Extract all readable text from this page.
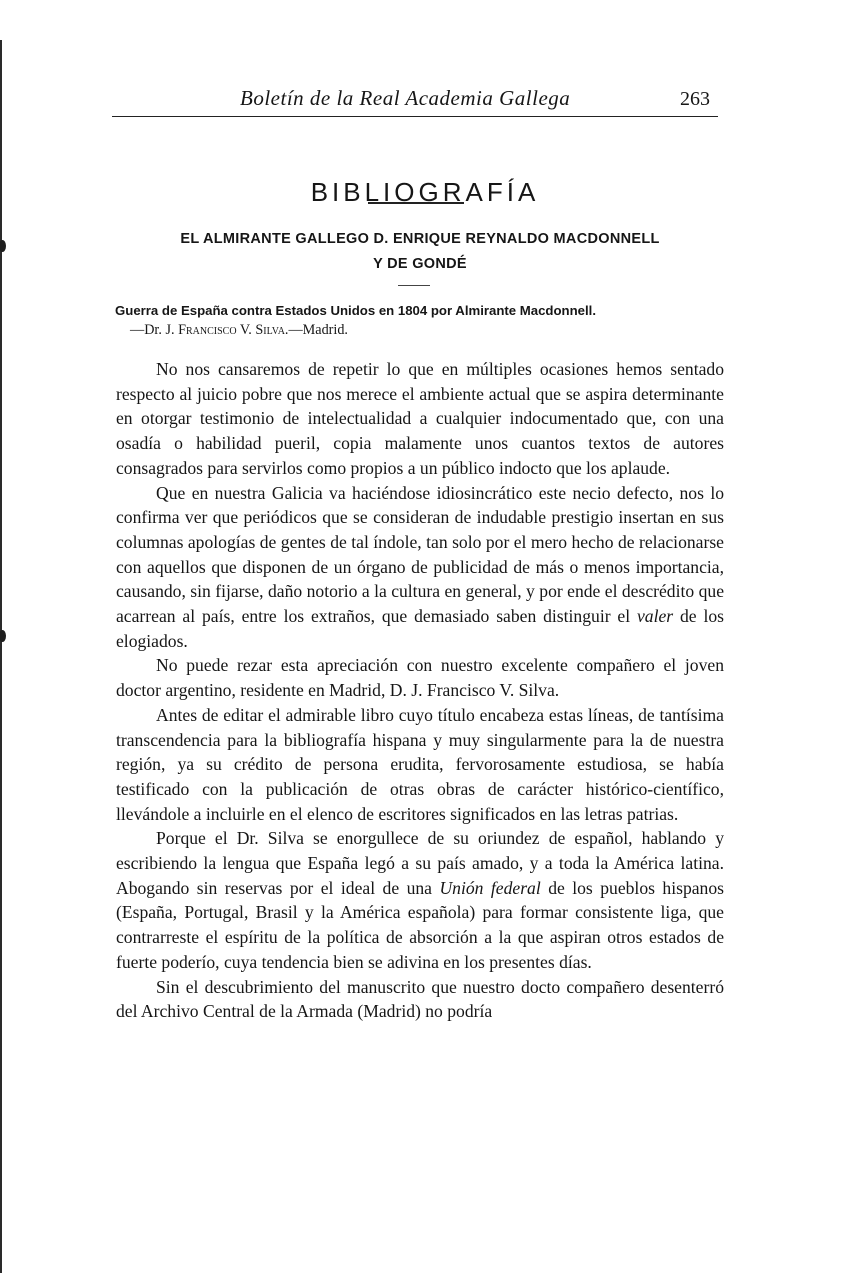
Boletín de la Real Academia Gallega	263
BIBLIOGRAFÍA
EL ALMIRANTE GALLEGO D. ENRIQUE REYNALDO MACDONNELL
Y DE GONDÉ
Guerra de España contra Estados Unidos en 1804 por Almirante Macdonnell.
—Dr. J. Francisco V. Silva.—Madrid.

No nos cansaremos de repetir lo que en múltiples ocasiones hemos sentado respecto al juicio pobre que nos merece el ambiente actual que se aspira determinante en otorgar testimonio de intelectualidad a cualquier indocumentado que, con una osadía o habilidad pueril, copia malamente unos cuantos textos de autores consagrados para servirlos como propios a un público indocto que los aplaude.

Que en nuestra Galicia va haciéndose idiosincrático este necio defecto, nos lo confirma ver que periódicos que se consideran de indudable prestigio insertan en sus columnas apologías de gentes de tal índole, tan solo por el mero hecho de relacionarse con aquellos que disponen de un órgano de publicidad de más o menos importancia, causando, sin fijarse, daño notorio a la cultura en general, y por ende el descrédito que acarrean al país, entre los extraños, que demasiado saben distinguir el valer de los elogiados.

No puede rezar esta apreciación con nuestro excelente compañero el joven doctor argentino, residente en Madrid, D. J. Francisco V. Silva.

Antes de editar el admirable libro cuyo título encabeza estas líneas, de tantísima transcendencia para la bibliografía hispana y muy singularmente para la de nuestra región, ya su crédito de persona erudita, fervorosamente estudiosa, se había testificado con la publicación de otras obras de carácter histórico-científico, llevándole a incluirle en el elenco de escritores significados en las letras patrias.

Porque el Dr. Silva se enorgullece de su oriundez de español, hablando y escribiendo la lengua que España legó a su país amado, y a toda la América latina. Abogando sin reservas por el ideal de una Unión federal de los pueblos hispanos (España, Portugal, Brasil y la América española) para formar consistente liga, que contrarreste el espíritu de la política de absorción a la que aspiran otros estados de fuerte poderío, cuya tendencia bien se adivina en los presentes días.

Sin el descubrimiento del manuscrito que nuestro docto compañero desenterró del Archivo Central de la Armada (Madrid) no podría
